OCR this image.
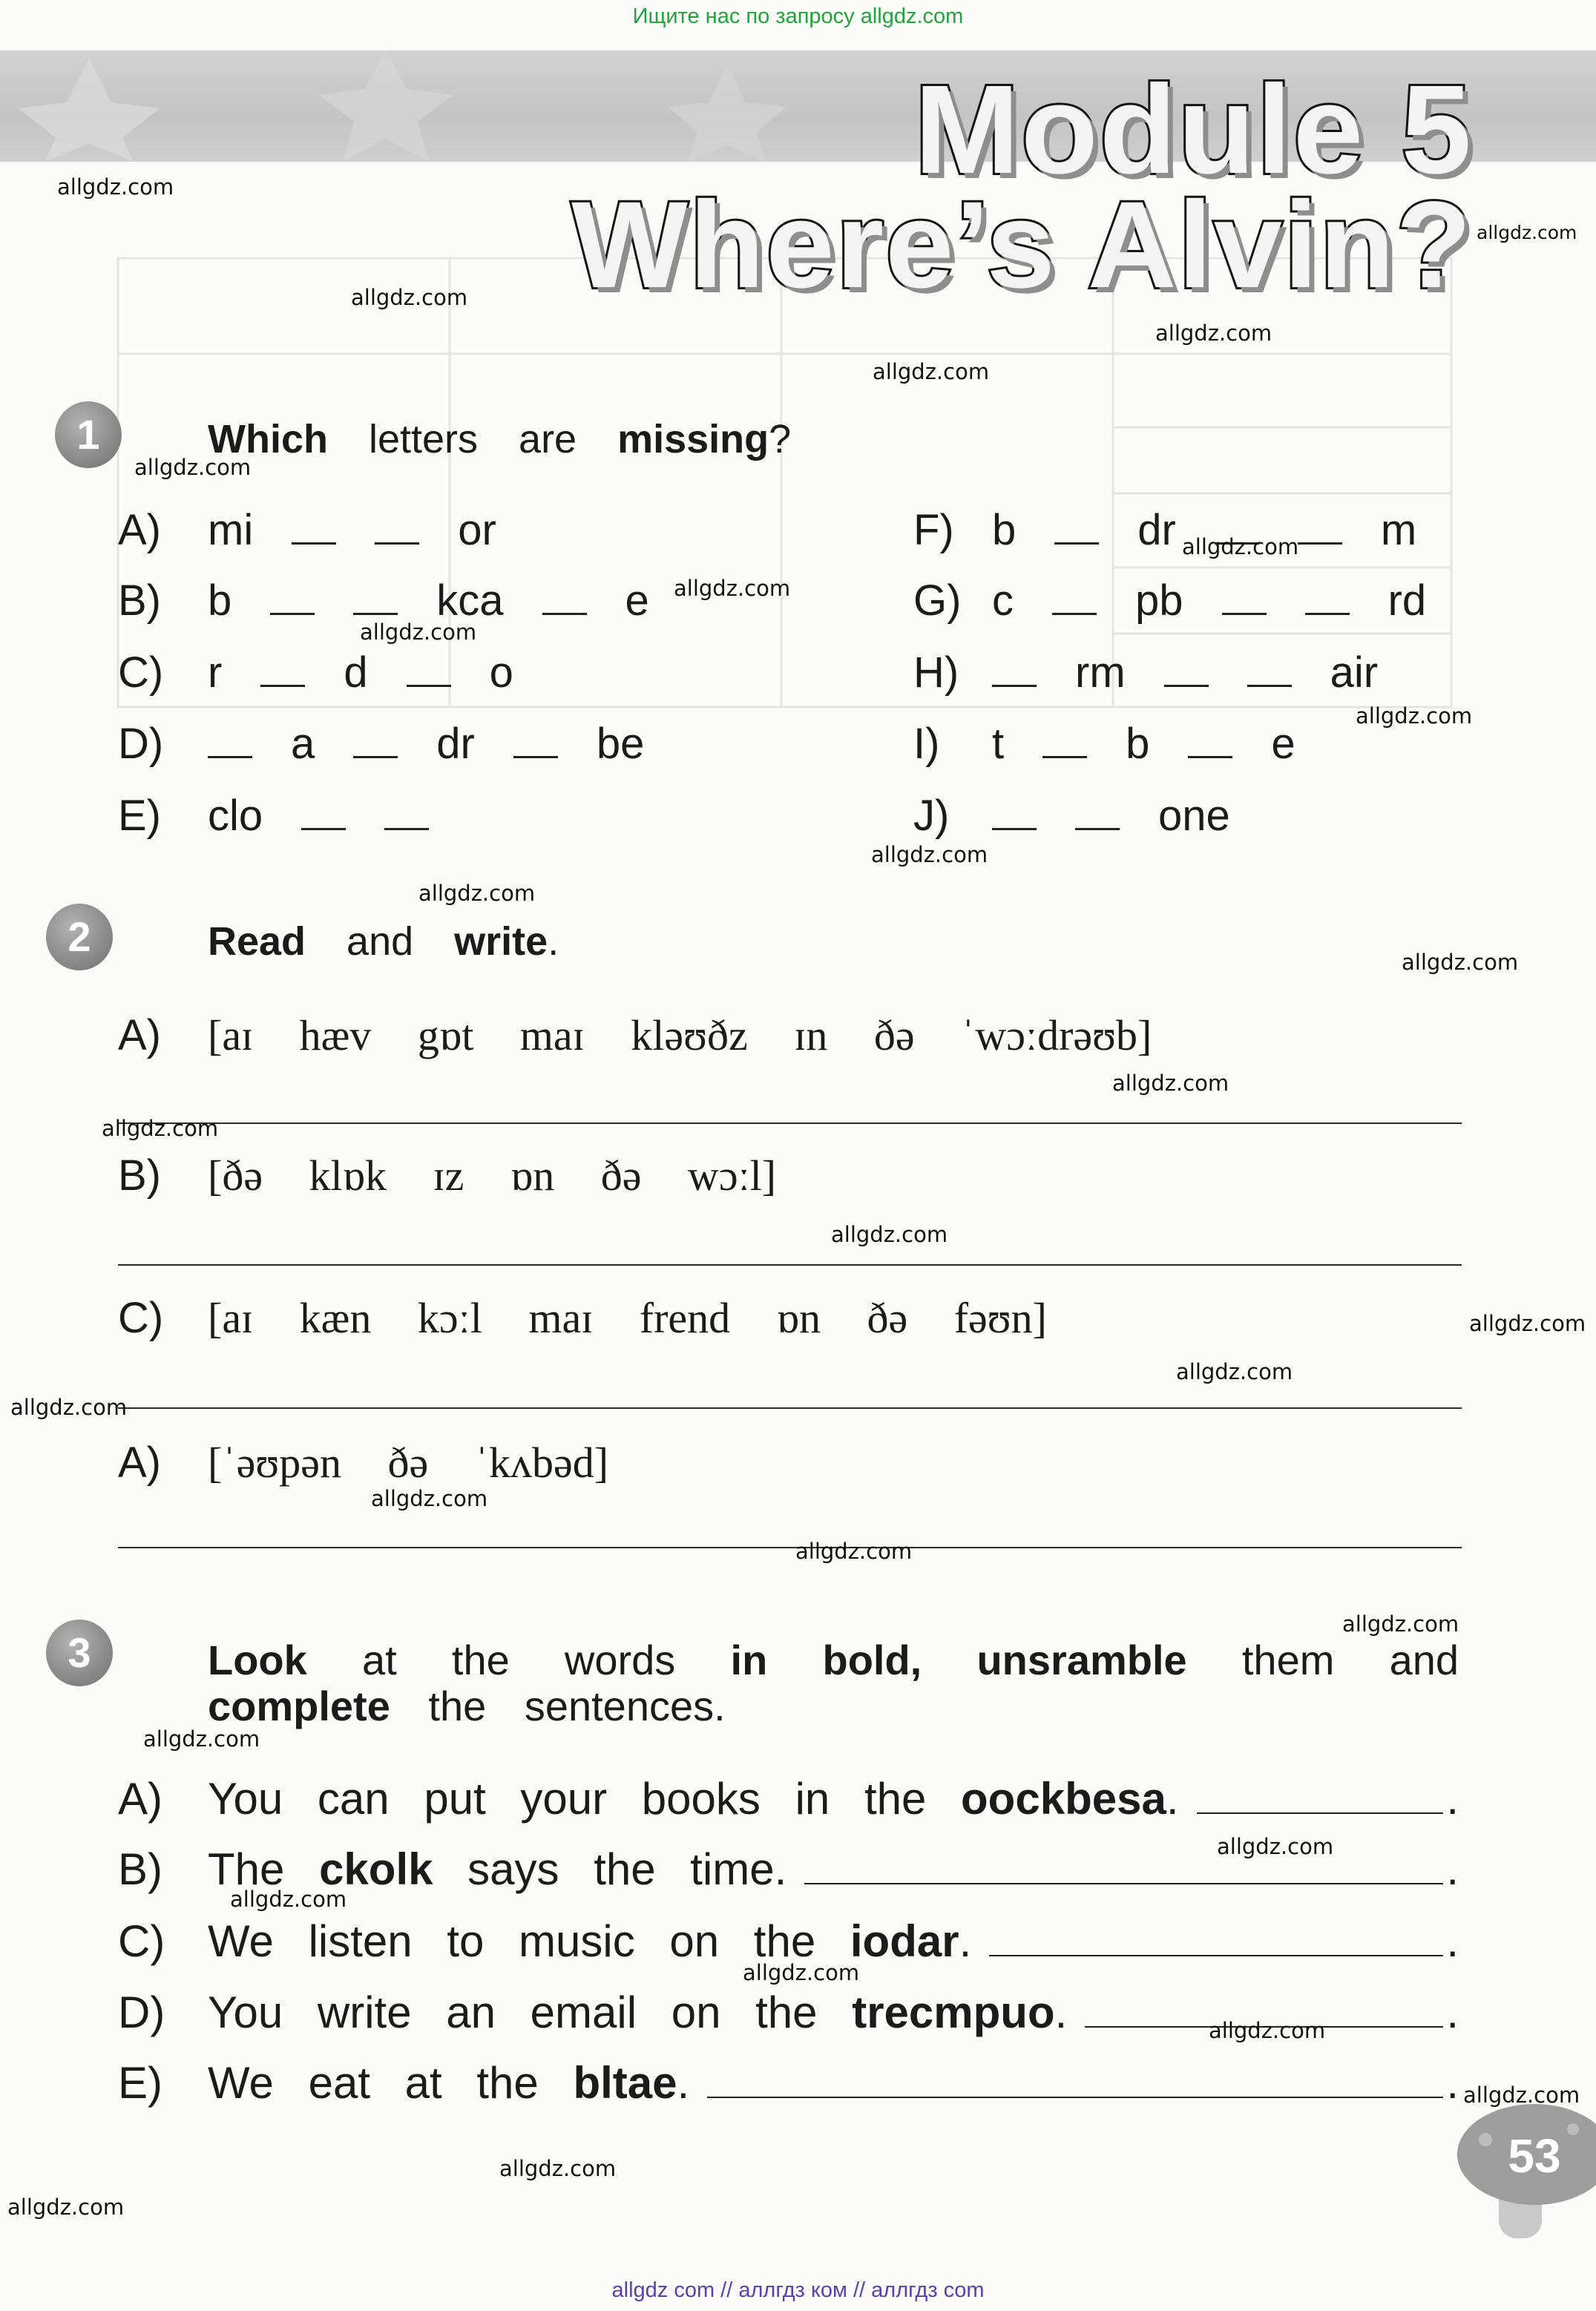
Ищите нас по запросу allgdz.com
Module 5
Where’s Alvin?
1	Which letters are missing?
A)	mi	or
B)	b	kca	e
C)	r	d	o
D)	a	dr	be
E)	clo
F) b	dr	m
G) c	pb	rd
H)	rm	air
I)	t	b	e
J)	one
2	Read and write.
A)	[aɪ hæv gɒt maɪ kləʊðz ɪn ðə ˈwɔːdrəʊb]
B)	[ðə klɒk ɪz ɒn ðə wɔːl]
C)	[aɪ kæn kɔːl maɪ frend ɒn ðə fəʊn]
A)	[ˈəʊpən ðə ˈkʌbəd]
3	Look at the words in bold, unsramble them and
complete the sentences.
A)	You can put your books in the oockbesa.	.
B)	The ckolk says the time.	.
C) We listen to music on the iodar.	.
D) You write an email on the trecmpuo.	.
E)	We eat at the bltae.	.
53
allgdz.com
allgdz.com
allgdz.com
allgdz.com
allgdz.com
allgdz.com
allgdz.com
allgdz.com
allgdz.com
allgdz.com
allgdz.com
allgdz.com
allgdz.com
allgdz.com
allgdz.com
allgdz.com
allgdz.com
allgdz.com
allgdz.com
allgdz.com
allgdz.com
allgdz.com
allgdz.com
allgdz.com
allgdz.com
allgdz.com
allgdz.com
allgdz.com
allgdz.com
allgdz.com
allgdz com // аллгдз ком // аллгдз com
